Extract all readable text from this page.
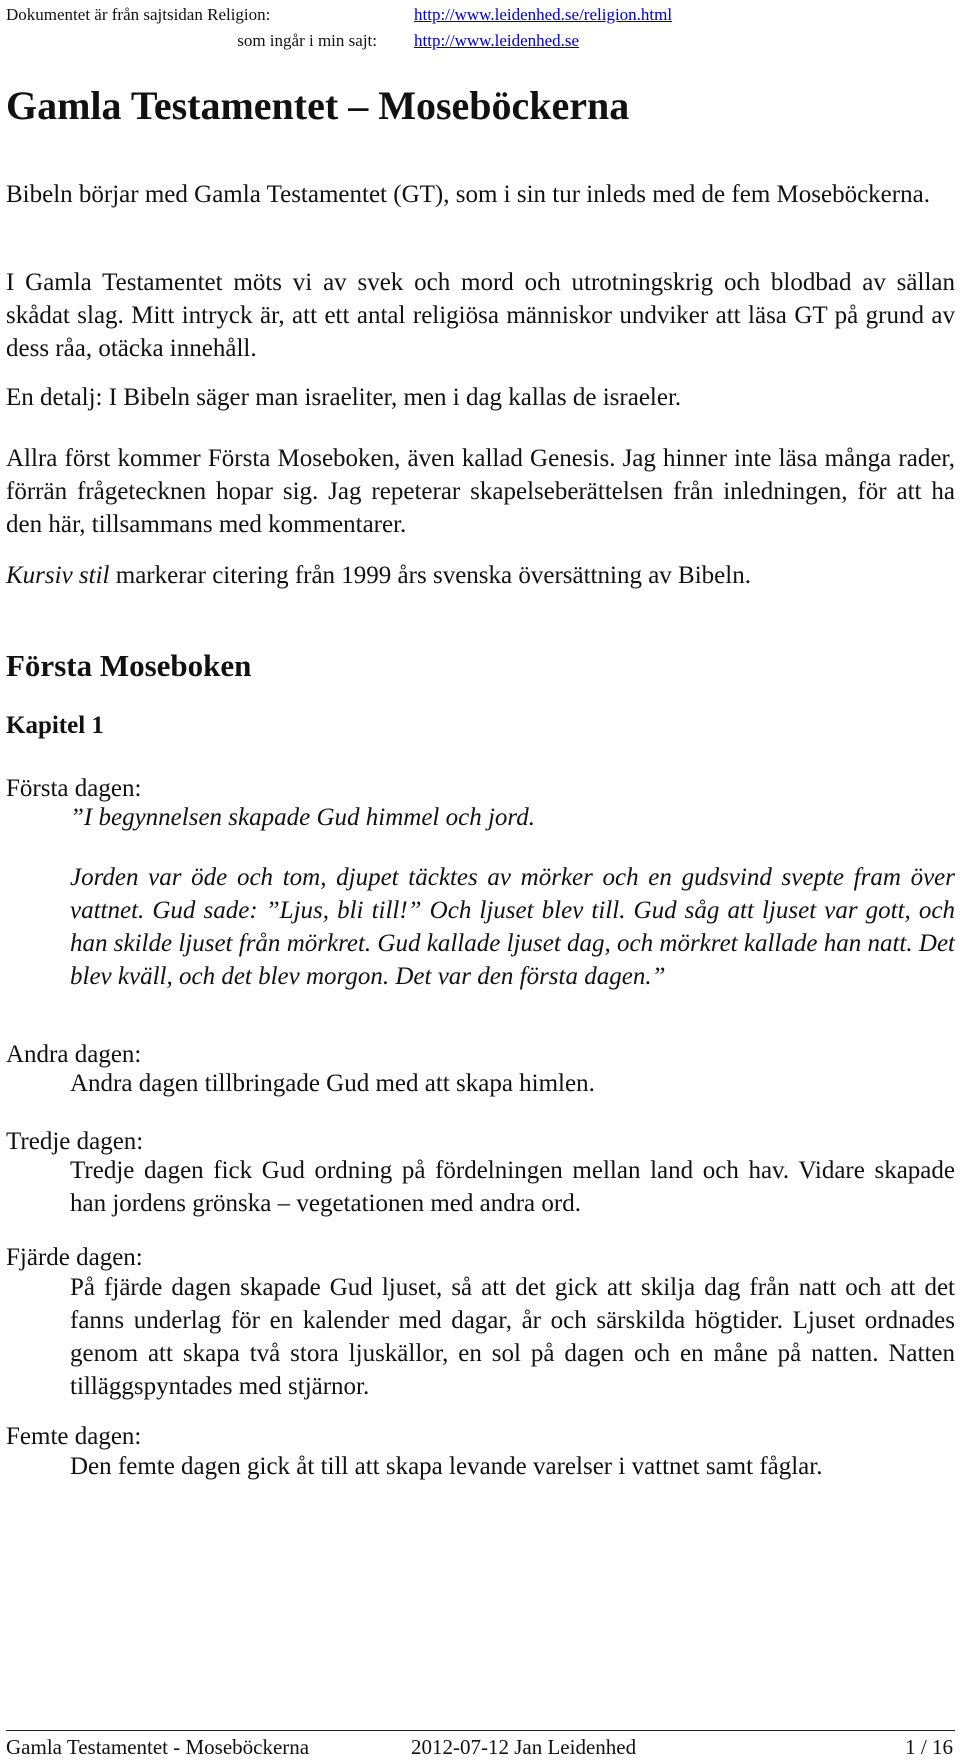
Dokumentet är från sajtsidan Religion:	http://www.leidenhed.se/religion.html
som ingår i min sajt: http://www.leidenhed.se
Gamla Testamentet – Moseböckerna

Bibeln börjar med Gamla Testamentet (GT), som i sin tur inleds med de fem Moseböckerna.

I Gamla Testamentet möts vi av svek och mord och utrotningskrig och blodbad av sällan skådat slag. Mitt intryck är, att ett antal religiösa människor undviker att läsa GT på grund av dess råa, otäcka innehåll.

En detalj: I Bibeln säger man israeliter, men i dag kallas de israeler.

Allra först kommer Första Moseboken, även kallad Genesis. Jag hinner inte läsa många rader, förrän frågetecknen hopar sig. Jag repeterar skapelseberättelsen från inledningen, för att ha den här, tillsammans med kommentarer.

Kursiv stil markerar citering från 1999 års svenska översättning av Bibeln.

Första Moseboken
Kapitel 1
Första dagen:

”I begynnelsen skapade Gud himmel och jord.

Jorden var öde och tom, djupet täcktes av mörker och en gudsvind svepte fram över vattnet. Gud sade: ”Ljus, bli till!” Och ljuset blev till. Gud såg att ljuset var gott, och han skilde ljuset från mörkret. Gud kallade ljuset dag, och mörkret kallade han natt. Det blev kväll, och det blev morgon. Det var den första dagen.”

Andra dagen:

Andra dagen tillbringade Gud med att skapa himlen.

Tredje dagen:

Tredje dagen fick Gud ordning på fördelningen mellan land och hav. Vidare skapade han jordens grönska – vegetationen med andra ord.

Fjärde dagen:

På fjärde dagen skapade Gud ljuset, så att det gick att skilja dag från natt och att det fanns underlag för en kalender med dagar, år och särskilda högtider. Ljuset ordnades genom att skapa två stora ljuskällor, en sol på dagen och en måne på natten. Natten tilläggspyntades med stjärnor.

Femte dagen:

Den femte dagen gick åt till att skapa levande varelser i vattnet samt fåglar.

Gamla Testamentet - Moseböckerna	2012-07-12 Jan Leidenhed	1 / 16
